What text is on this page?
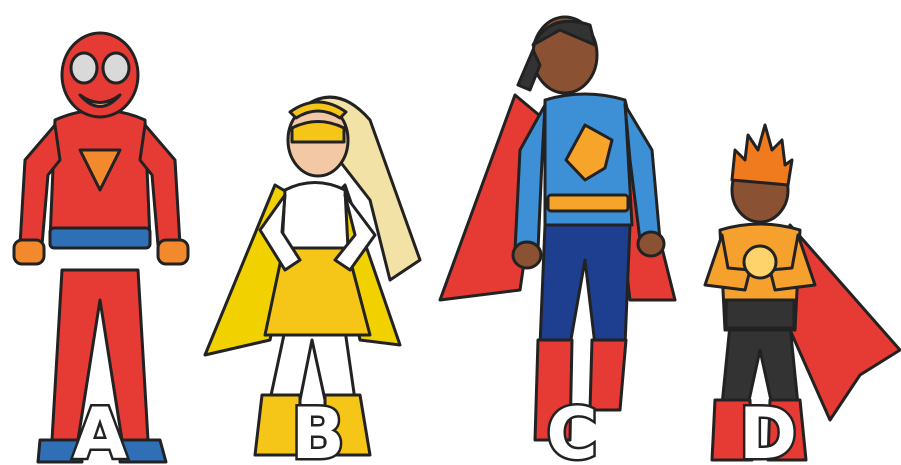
A B	C D
